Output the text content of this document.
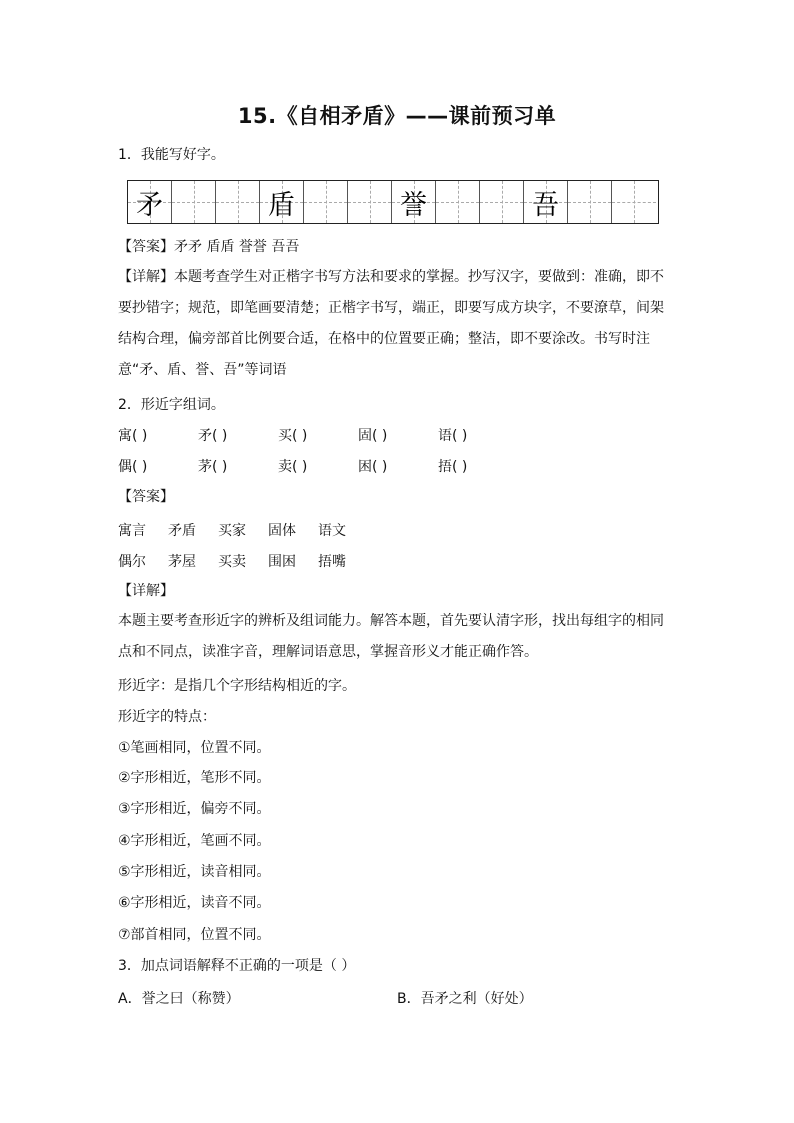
15.《自相矛盾》——课前预习单
1．我能写好字。
矛	盾	誉	吾
【答案】矛矛 盾盾 誉誉 吾吾
【详解】本题考查学生对正楷字书写方法和要求的掌握。抄写汉字，要做到：准确，即不要抄错字；规范，即笔画要清楚；正楷字书写，端正，即要写成方块字，不要潦草，间架结构合理，偏旁部首比例要合适，在格中的位置要正确；整洁，即不要涂改。书写时注意“矛、盾、誉、吾”等词语
2．形近字组词。
寓( )	矛( )	买( )	固( )	语( )
偶( )	茅( )	卖( )	困( )	捂( )
【答案】
寓言	矛盾	买家	固体	语文
偶尔	茅屋	买卖	围困	捂嘴
【详解】
本题主要考查形近字的辨析及组词能力。解答本题，首先要认清字形，找出每组字的相同点和不同点，读准字音，理解词语意思，掌握音形义才能正确作答。
形近字：是指几个字形结构相近的字。
形近字的特点：
①笔画相同，位置不同。
②字形相近，笔形不同。
③字形相近，偏旁不同。
④字形相近，笔画不同。
⑤字形相近，读音相同。
⑥字形相近，读音不同。
⑦部首相同，位置不同。
3．加点词语解释不正确的一项是（ ）
A．誉之曰（称赞）	B．吾矛之利（好处）
